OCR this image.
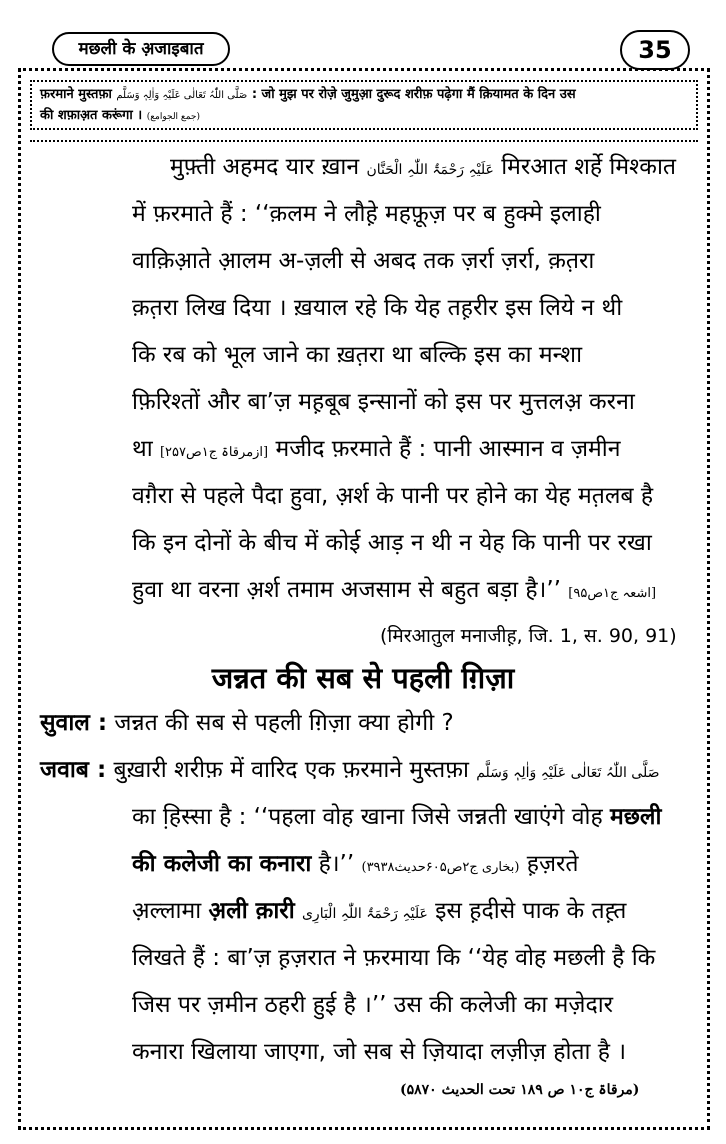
मछली के अ़जाइबात	35
फ़रमाने मुस्तफ़ा صَلَّی اللّٰہُ تَعَالٰی عَلَیْہِ وَاٰلِہٖ وَسَلَّم : जो मुझ पर रोजे़ जुमुआ़ दुरूद शरीफ़ पढे़गा मैं क़ियामत के दिन उस
की शफ़ाअ़त करूंगा । (جمع الجوامع)
मुफ़्ती अहमद यार ख़ान عَلَیْہِ رَحْمَۃُ اللّٰہِ الْحَنَّان मिरआत शर्हे मिश्कात
में फ़रमाते हैं : ‘‘क़लम ने लौहे़ महफ़ूज़ पर ब हुक्मे इलाही
वाक़िआ़ते आ़लम अ-ज़ली से अबद तक ज़र्रा ज़र्रा, क़त़रा
क़त़रा लिख दिया । ख़याल रहे कि येह तह़रीर इस लिये न थी
कि रब को भूल जाने का ख़त़रा था बल्कि इस का मन्शा
फ़िरिश्तों और बा’ज़ मह़बूब इन्सानों को इस पर मुत्तलअ़ करना
था [ازمرقاۃ ج۱ص۲۵۷] मजीद फ़रमाते हैं : पानी आस्मान व ज़मीन
वग़ैरा से पहले पैदा हुवा, अ़र्श के पानी पर होने का येह मत़लब है
कि इन दोनों के बीच में कोई आड़ न थी न येह कि पानी पर रखा
हुवा था वरना अ़र्श तमाम अजसाम से बहुत बड़ा है।’’ [اشعہ ج۱ص۹۵]
(मिरआतुल मनाजीह़, जि. 1, स. 90, 91)
जन्नत की सब से पहली ग़िज़ा
सुवाल : जन्नत की सब से पहली ग़िज़ा क्या होगी ?
जवाब : बुख़ारी शरीफ़ में वारिद एक फ़रमाने मुस्तफ़ा صَلَّی اللّٰہُ تَعَالٰی عَلَیْہِ وَاٰلِہٖ وَسَلَّم
का हि़स्सा है : ‘‘पहला वोह खाना जिसे जन्नती खाएंगे वोह मछली
की कलेजी का कनारा है।’’ (بخاری ج۲ص۶۰۵حدیث۳۹۳۸) ह़ज़रते
अ़ल्लामा अ़ली क़ारी عَلَیْہِ رَحْمَۃُ اللّٰہِ الْبَارِی इस ह़दीसे पाक के तह़्त
लिखते हैं : बा’ज़ ह़ज़रात ने फ़रमाया कि ‘‘येह वोह मछली है कि
जिस पर ज़मीन ठहरी हुई है ।’’ उस की कलेजी का मज़ेदार
कनारा खिलाया जाएगा, जो सब से ज़ियादा लज़ीज़ होता है ।
(مرقاۃ ج۱۰ ص ۱۸۹ تحت الحدیث ۵۸۷۰)
